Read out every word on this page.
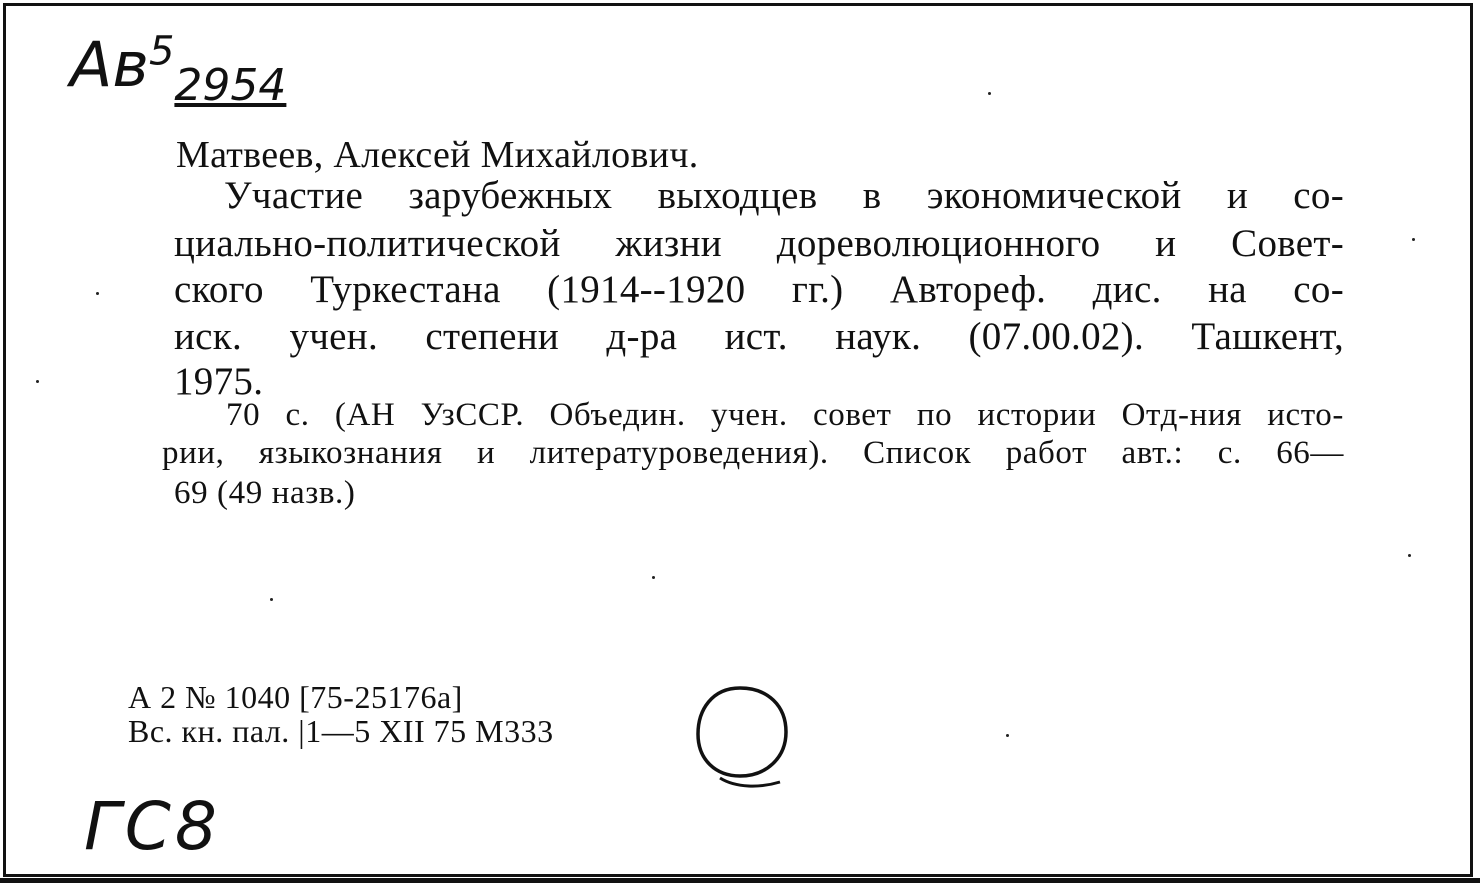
$Ав^52954$
Матвеев, Алексей Михайлович.
Участие зарубежных выходцев в экономической и со-
циально-политической жизни дореволюционного и Совет-
ского Туркестана (1914--1920 гг.) Автореф. дис. на со-
иск. учен. степени д-ра ист. наук. (07.00.02). Ташкент,
1975.
70 с. (АН УзССР. Объедин. учен. совет по истории Отд-ния исто-
рии, языкознания и литературоведения). Список работ авт.: с. 66—
69 (49 назв.)
А 2 № 1040 [75-25176а]
Вс. кн. пал. |1—5 XII 75 М333
ГС8
